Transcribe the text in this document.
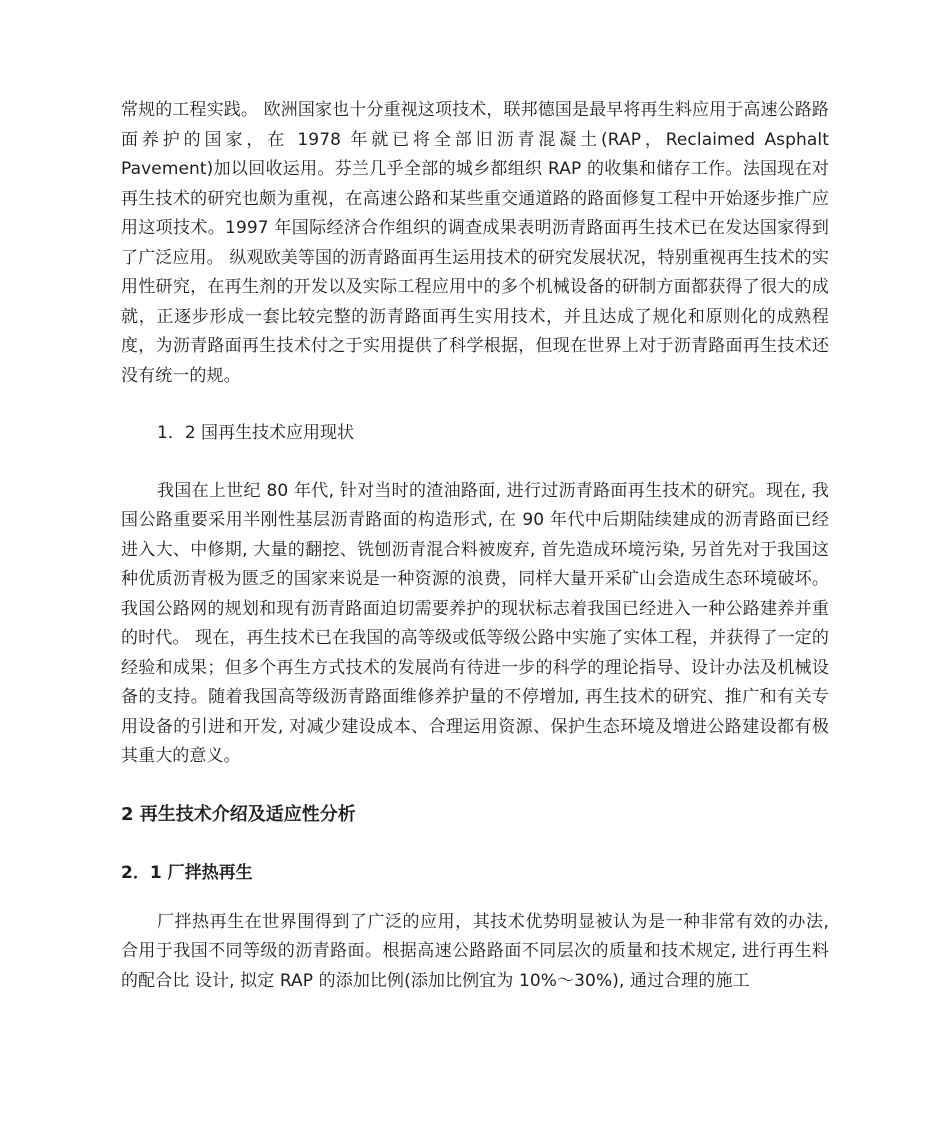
常规的工程实践。 欧洲国家也十分重视这项技术，联邦德国是最早将再生料应用于高速公路路面养护的国家，在 1978 年就已将全部旧沥青混凝土(RAP，Reclaimed Asphalt Pavement)加以回收运用。芬兰几乎全部的城乡都组织 RAP 的收集和储存工作。法国现在对再生技术的研究也颇为重视，在高速公路和某些重交通道路的路面修复工程中开始逐步推广应用这项技术。1997 年国际经济合作组织的调查成果表明沥青路面再生技术已在发达国家得到了广泛应用。 纵观欧美等国的沥青路面再生运用技术的研究发展状况，特别重视再生技术的实用性研究，在再生剂的开发以及实际工程应用中的多个机械设备的研制方面都获得了很大的成就，正逐步形成一套比较完整的沥青路面再生实用技术，并且达成了规化和原则化的成熟程度，为沥青路面再生技术付之于实用提供了科学根据，但现在世界上对于沥青路面再生技术还没有统一的规。

1．2 国再生技术应用现状

我国在上世纪 80 年代, 针对当时的渣油路面, 进行过沥青路面再生技术的研究。现在, 我国公路重要采用半刚性基层沥青路面的构造形式, 在 90 年代中后期陆续建成的沥青路面已经进入大、中修期, 大量的翻挖、铣刨沥青混合料被废弃, 首先造成环境污染, 另首先对于我国这种优质沥青极为匮乏的国家来说是一种资源的浪费，同样大量开采矿山会造成生态环境破坏。我国公路网的规划和现有沥青路面迫切需要养护的现状标志着我国已经进入一种公路建养并重的时代。 现在，再生技术已在我国的高等级或低等级公路中实施了实体工程，并获得了一定的经验和成果；但多个再生方式技术的发展尚有待进一步的科学的理论指导、设计办法及机械设备的支持。随着我国高等级沥青路面维修养护量的不停增加, 再生技术的研究、推广和有关专用设备的引进和开发, 对减少建设成本、合理运用资源、保护生态环境及增进公路建设都有极其重大的意义。

2 再生技术介绍及适应性分析
2．1 厂拌热再生

厂拌热再生在世界围得到了广泛的应用，其技术优势明显被认为是一种非常有效的办法, 合用于我国不同等级的沥青路面。根据高速公路路面不同层次的质量和技术规定, 进行再生料的配合比 设计, 拟定 RAP 的添加比例(添加比例宜为 10%～30%), 通过合理的施工
